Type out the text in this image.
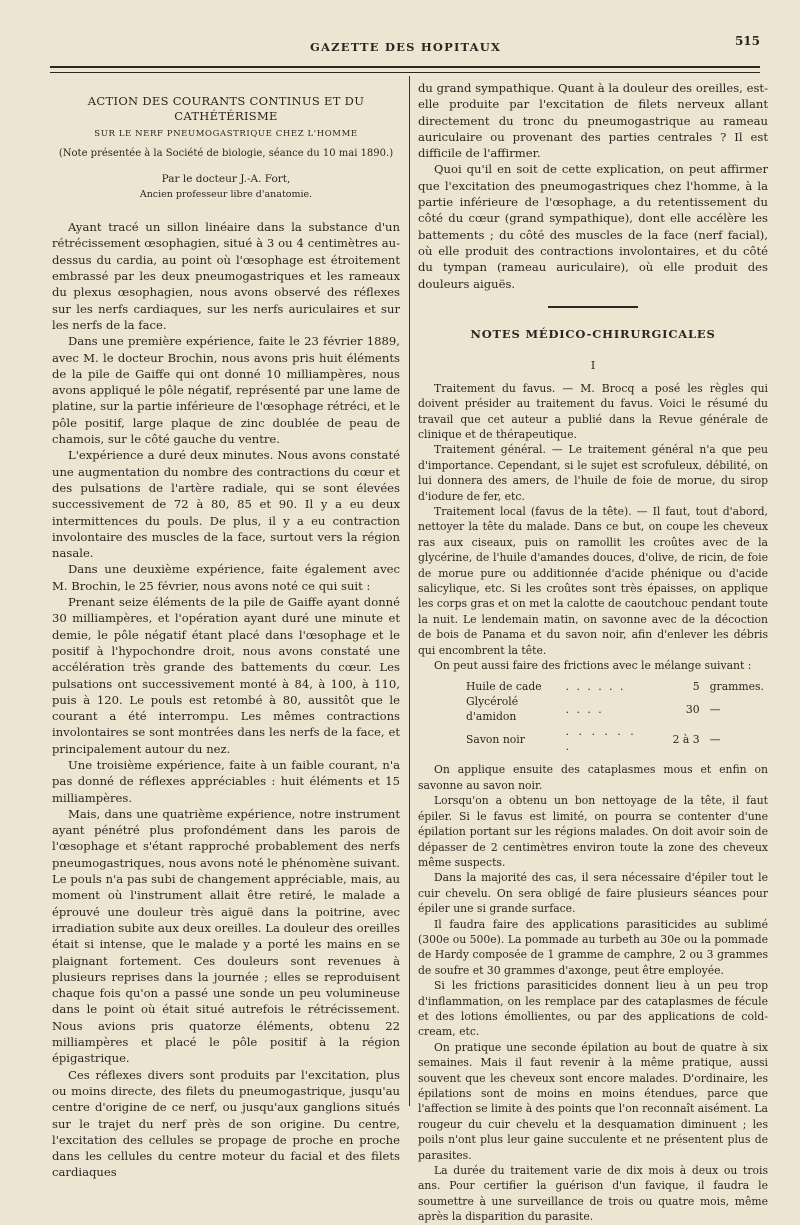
GAZETTE DES HOPITAUX	515
ACTION DES COURANTS CONTINUS ET DU CATHÉTÉRISME
SUR LE NERF PNEUMOGASTRIQUE CHEZ L'HOMME
(Note présentée à la Société de biologie, séance du 10 mai 1890.)
Par le docteur J.-A. Fort,
Ancien professeur libre d'anatomie.

Ayant tracé un sillon linéaire dans la substance d'un rétrécissement œsophagien, situé à 3 ou 4 centimètres au-dessus du cardia, au point où l'œsophage est étroitement embrassé par les deux pneumogastriques et les rameaux du plexus œsophagien, nous avons observé des réflexes sur les nerfs cardiaques, sur les nerfs auriculaires et sur les nerfs de la face.

Dans une première expérience, faite le 23 février 1889, avec M. le docteur Brochin, nous avons pris huit éléments de la pile de Gaiffe qui ont donné 10 milliampères, nous avons appliqué le pôle négatif, représenté par une lame de platine, sur la partie inférieure de l'œsophage rétréci, et le pôle positif, large plaque de zinc doublée de peau de chamois, sur le côté gauche du ventre.

L'expérience a duré deux minutes. Nous avons constaté une augmentation du nombre des contractions du cœur et des pulsations de l'artère radiale, qui se sont élevées successivement de 72 à 80, 85 et 90. Il y a eu deux intermittences du pouls. De plus, il y a eu contraction involontaire des muscles de la face, surtout vers la région nasale.

Dans une deuxième expérience, faite également avec M. Brochin, le 25 février, nous avons noté ce qui suit :

Prenant seize éléments de la pile de Gaiffe ayant donné 30 milliampères, et l'opération ayant duré une minute et demie, le pôle négatif étant placé dans l'œsophage et le positif à l'hypochondre droit, nous avons constaté une accélération très grande des battements du cœur. Les pulsations ont successivement monté à 84, à 100, à 110, puis à 120. Le pouls est retombé à 80, aussitôt que le courant a été interrompu. Les mêmes contractions involontaires se sont montrées dans les nerfs de la face, et principalement autour du nez.

Une troisième expérience, faite à un faible courant, n'a pas donné de réflexes appréciables : huit éléments et 15 milliampères.

Mais, dans une quatrième expérience, notre instrument ayant pénétré plus profondément dans les parois de l'œsophage et s'étant rapproché probablement des nerfs pneumogastriques, nous avons noté le phénomène suivant. Le pouls n'a pas subi de changement appréciable, mais, au moment où l'instrument allait être retiré, le malade a éprouvé une douleur très aiguë dans la poitrine, avec irradiation subite aux deux oreilles. La douleur des oreilles était si intense, que le malade y a porté les mains en se plaignant fortement. Ces douleurs sont revenues à plusieurs reprises dans la journée ; elles se reproduisent chaque fois qu'on a passé une sonde un peu volumineuse dans le point où était situé autrefois le rétrécissement. Nous avions pris quatorze éléments, obtenu 22 milliampères et placé le pôle positif à la région épigastrique.

Ces réflexes divers sont produits par l'excitation, plus ou moins directe, des filets du pneumogastrique, jusqu'au centre d'origine de ce nerf, ou jusqu'aux ganglions situés sur le trajet du nerf près de son origine. Du centre, l'excitation des cellules se propage de proche en proche dans les cellules du centre moteur du facial et des filets cardiaques

du grand sympathique. Quant à la douleur des oreilles, est-elle produite par l'excitation de filets nerveux allant directement du tronc du pneumogastrique au rameau auriculaire ou provenant des parties centrales ? Il est difficile de l'affirmer.

Quoi qu'il en soit de cette explication, on peut affirmer que l'excitation des pneumogastriques chez l'homme, à la partie inférieure de l'œsophage, a du retentissement du côté du cœur (grand sympathique), dont elle accélère les battements ; du côté des muscles de la face (nerf facial), où elle produit des contractions involontaires, et du côté du tympan (rameau auriculaire), où elle produit des douleurs aiguës.

NOTES MÉDICO-CHIRURGICALES
I

Traitement du favus. — M. Brocq a posé les règles qui doivent présider au traitement du favus. Voici le résumé du travail que cet auteur a publié dans la Revue générale de clinique et de thérapeutique.

Traitement général. — Le traitement général n'a que peu d'importance. Cependant, si le sujet est scrofuleux, débilité, on lui donnera des amers, de l'huile de foie de morue, du sirop d'iodure de fer, etc.

Traitement local (favus de la tête). — Il faut, tout d'abord, nettoyer la tête du malade. Dans ce but, on coupe les cheveux ras aux ciseaux, puis on ramollit les croûtes avec de la glycérine, de l'huile d'amandes douces, d'olive, de ricin, de foie de morue pure ou additionnée d'acide phénique ou d'acide salicylique, etc. Si les croûtes sont très épaisses, on applique les corps gras et on met la calotte de caoutchouc pendant toute la nuit. Le lendemain matin, on savonne avec de la décoction de bois de Panama et du savon noir, afin d'enlever les débris qui encombrent la tête.

On peut aussi faire des frictions avec le mélange suivant :

Huile de cade	. . . . . .	5	grammes.
Glycérolé d'amidon	. . . .	30	—
Savon noir	. . . . . . .	2 à 3	—

On applique ensuite des cataplasmes mous et enfin on savonne au savon noir.

Lorsqu'on a obtenu un bon nettoyage de la tête, il faut épiler. Si le favus est limité, on pourra se contenter d'une épilation portant sur les régions malades. On doit avoir soin de dépasser de 2 centimètres environ toute la zone des cheveux même suspects.

Dans la majorité des cas, il sera nécessaire d'épiler tout le cuir chevelu. On sera obligé de faire plusieurs séances pour épiler une si grande surface.

Il faudra faire des applications parasiticides au sublimé (300e ou 500e). La pommade au turbeth au 30e ou la pommade de Hardy composée de 1 gramme de camphre, 2 ou 3 grammes de soufre et 30 grammes d'axonge, peut être employée.

Si les frictions parasiticides donnent lieu à un peu trop d'inflammation, on les remplace par des cataplasmes de fécule et des lotions émollientes, ou par des applications de cold-cream, etc.

On pratique une seconde épilation au bout de quatre à six semaines. Mais il faut revenir à la même pratique, aussi souvent que les cheveux sont encore malades. D'ordinaire, les épilations sont de moins en moins étendues, parce que l'affection se limite à des points que l'on reconnaît aisément. La rougeur du cuir chevelu et la desquamation diminuent ; les poils n'ont plus leur gaine succulente et ne présentent plus de parasites.

La durée du traitement varie de dix mois à deux ou trois ans. Pour certifier la guérison d'un favique, il faudra le soumettre à une surveillance de trois ou quatre mois, même après la disparition du parasite.
